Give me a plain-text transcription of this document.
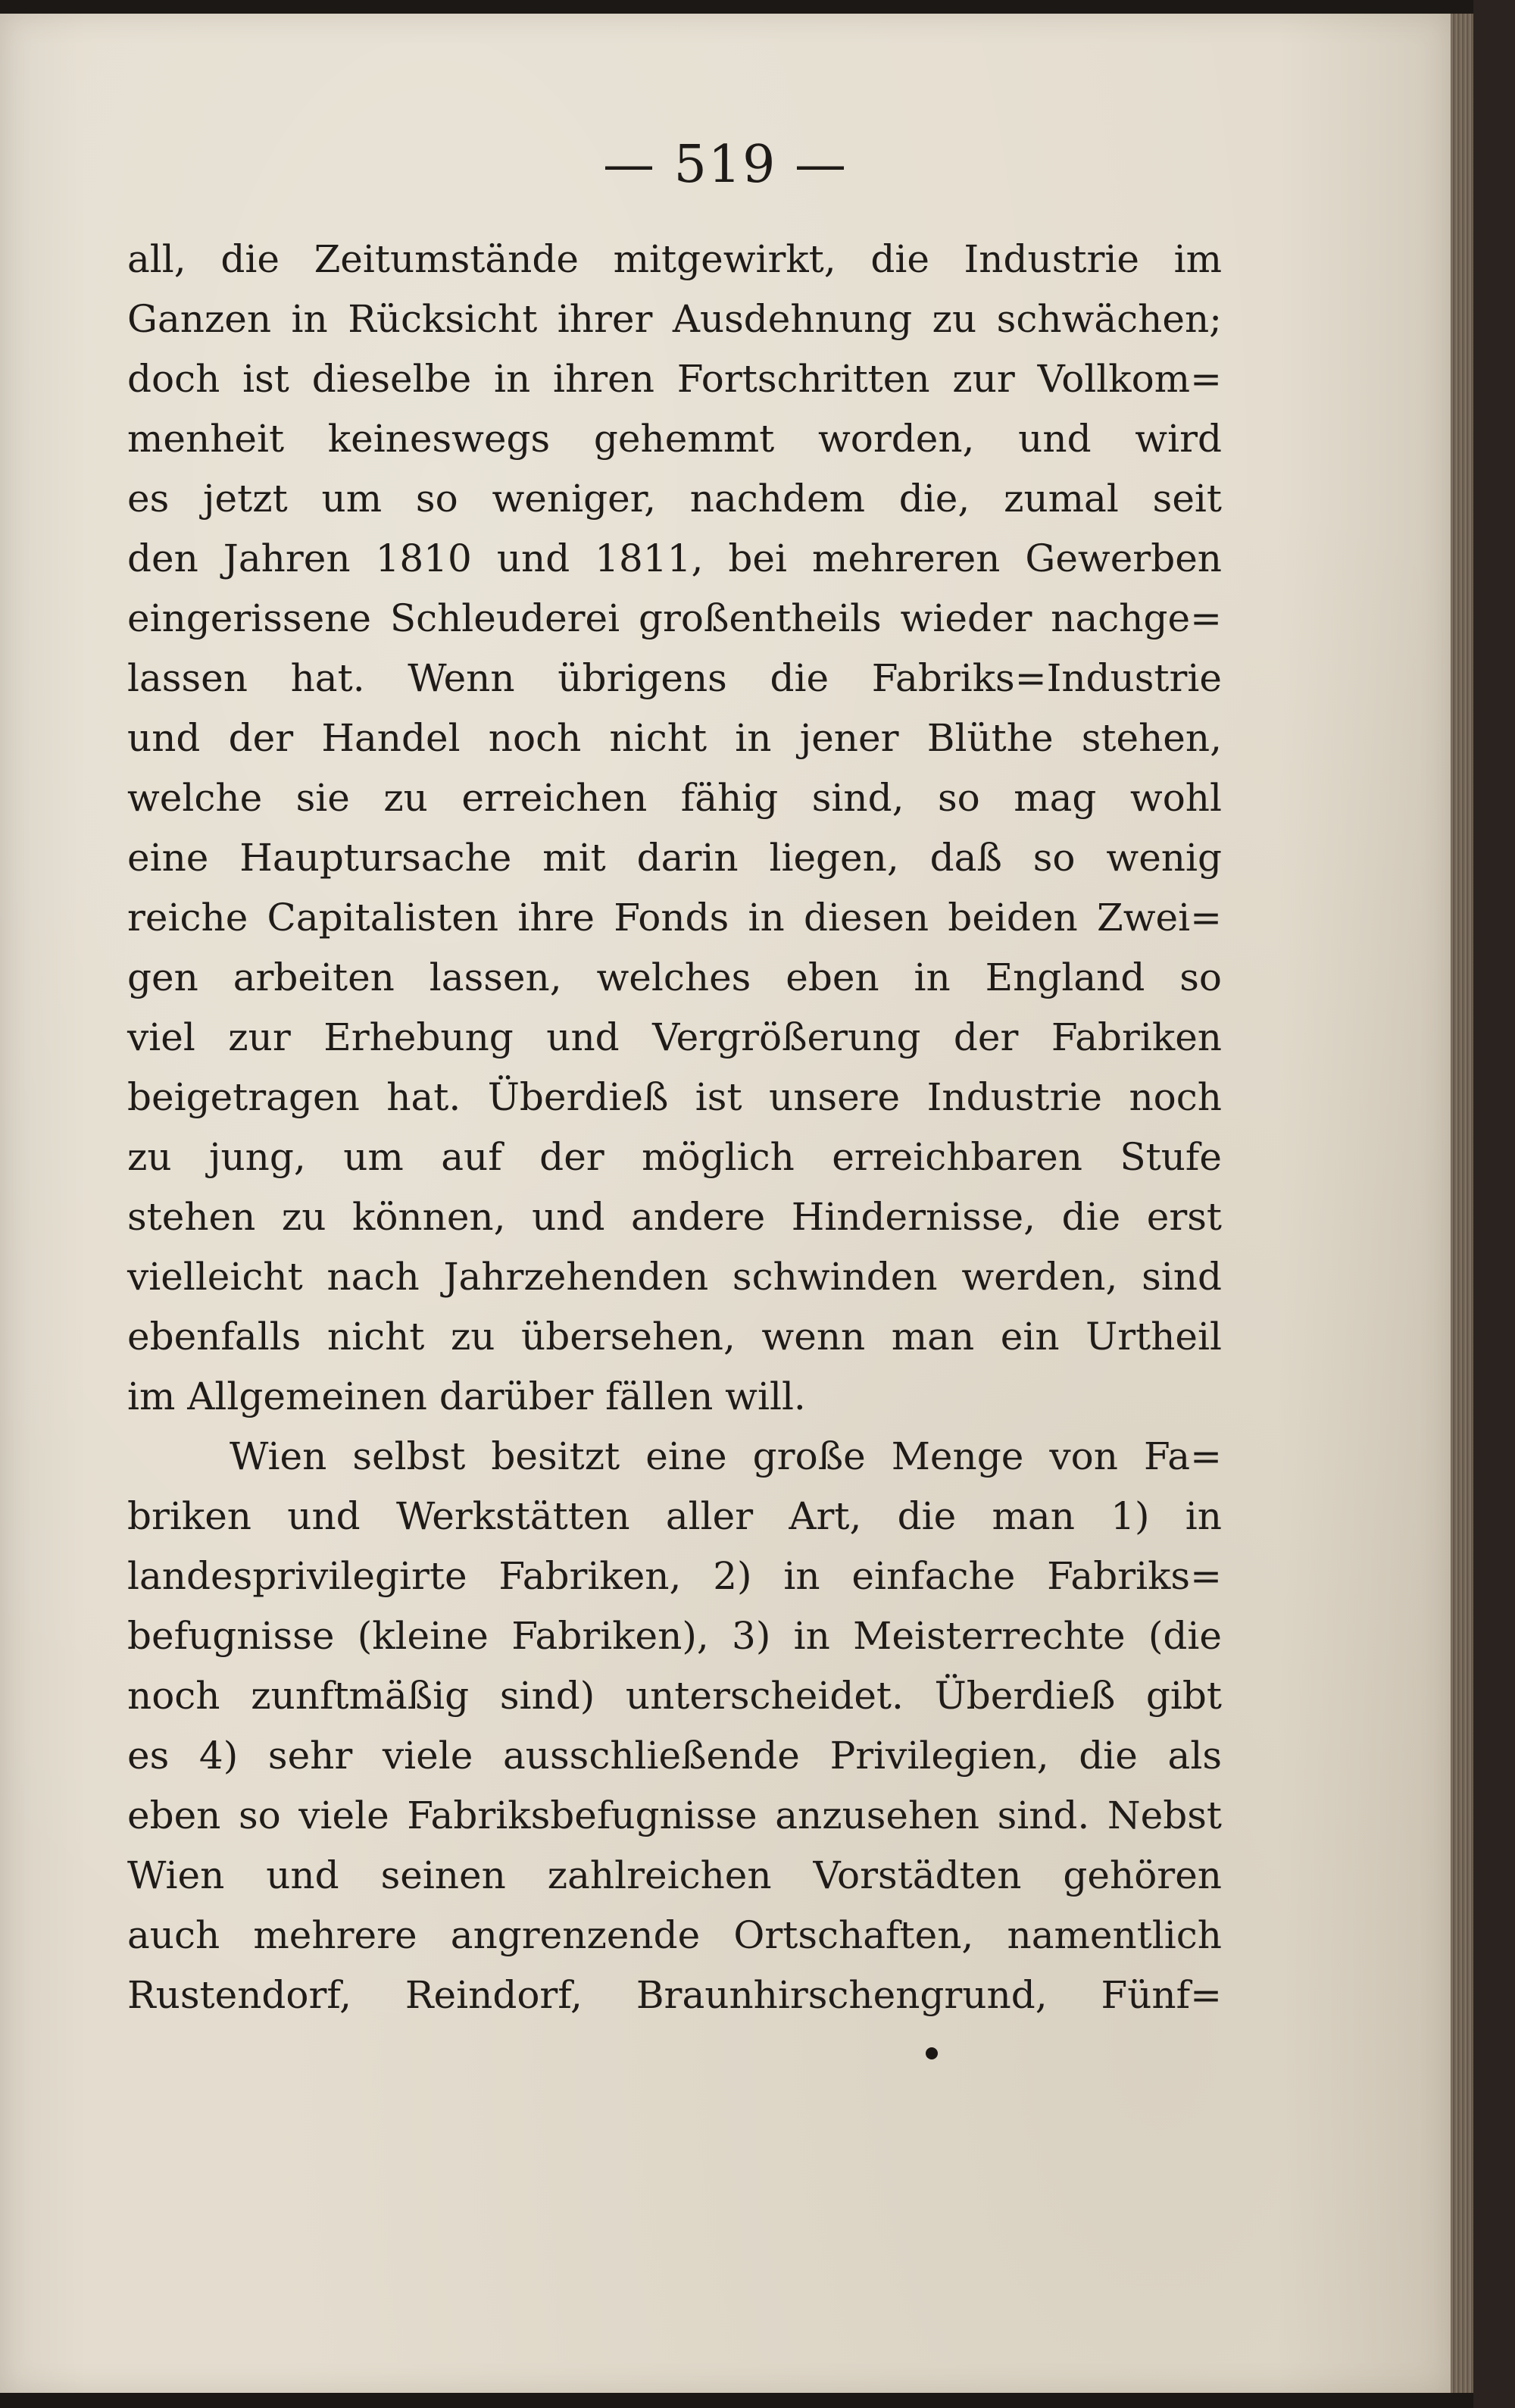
— 519 —
all, die Zeitumstände mitgewirkt, die Industrie im
Ganzen in Rücksicht ihrer Ausdehnung zu schwächen;
doch ist dieselbe in ihren Fortschritten zur Vollkom=
menheit keineswegs gehemmt worden, und wird
es jetzt um so weniger, nachdem die, zumal seit
den Jahren 1810 und 1811, bei mehreren Gewerben
eingerissene Schleuderei großentheils wieder nachge=
lassen hat. Wenn übrigens die Fabriks=Industrie
und der Handel noch nicht in jener Blüthe stehen,
welche sie zu erreichen fähig sind, so mag wohl
eine Hauptursache mit darin liegen, daß so wenig
reiche Capitalisten ihre Fonds in diesen beiden Zwei=
gen arbeiten lassen, welches eben in England so
viel zur Erhebung und Vergrößerung der Fabriken
beigetragen hat. Überdieß ist unsere Industrie noch
zu jung, um auf der möglich erreichbaren Stufe
stehen zu können, und andere Hindernisse, die erst
vielleicht nach Jahrzehenden schwinden werden, sind
ebenfalls nicht zu übersehen, wenn man ein Urtheil
im Allgemeinen darüber fällen will.
Wien selbst besitzt eine große Menge von Fa=
briken und Werkstätten aller Art, die man 1) in
landesprivilegirte Fabriken, 2) in einfache Fabriks=
befugnisse (kleine Fabriken), 3) in Meisterrechte (die
noch zunftmäßig sind) unterscheidet. Überdieß gibt
es 4) sehr viele ausschließende Privilegien, die als
eben so viele Fabriksbefugnisse anzusehen sind. Nebst
Wien und seinen zahlreichen Vorstädten gehören
auch mehrere angrenzende Ortschaften, namentlich
Rustendorf, Reindorf, Braunhirschengrund, Fünf=
